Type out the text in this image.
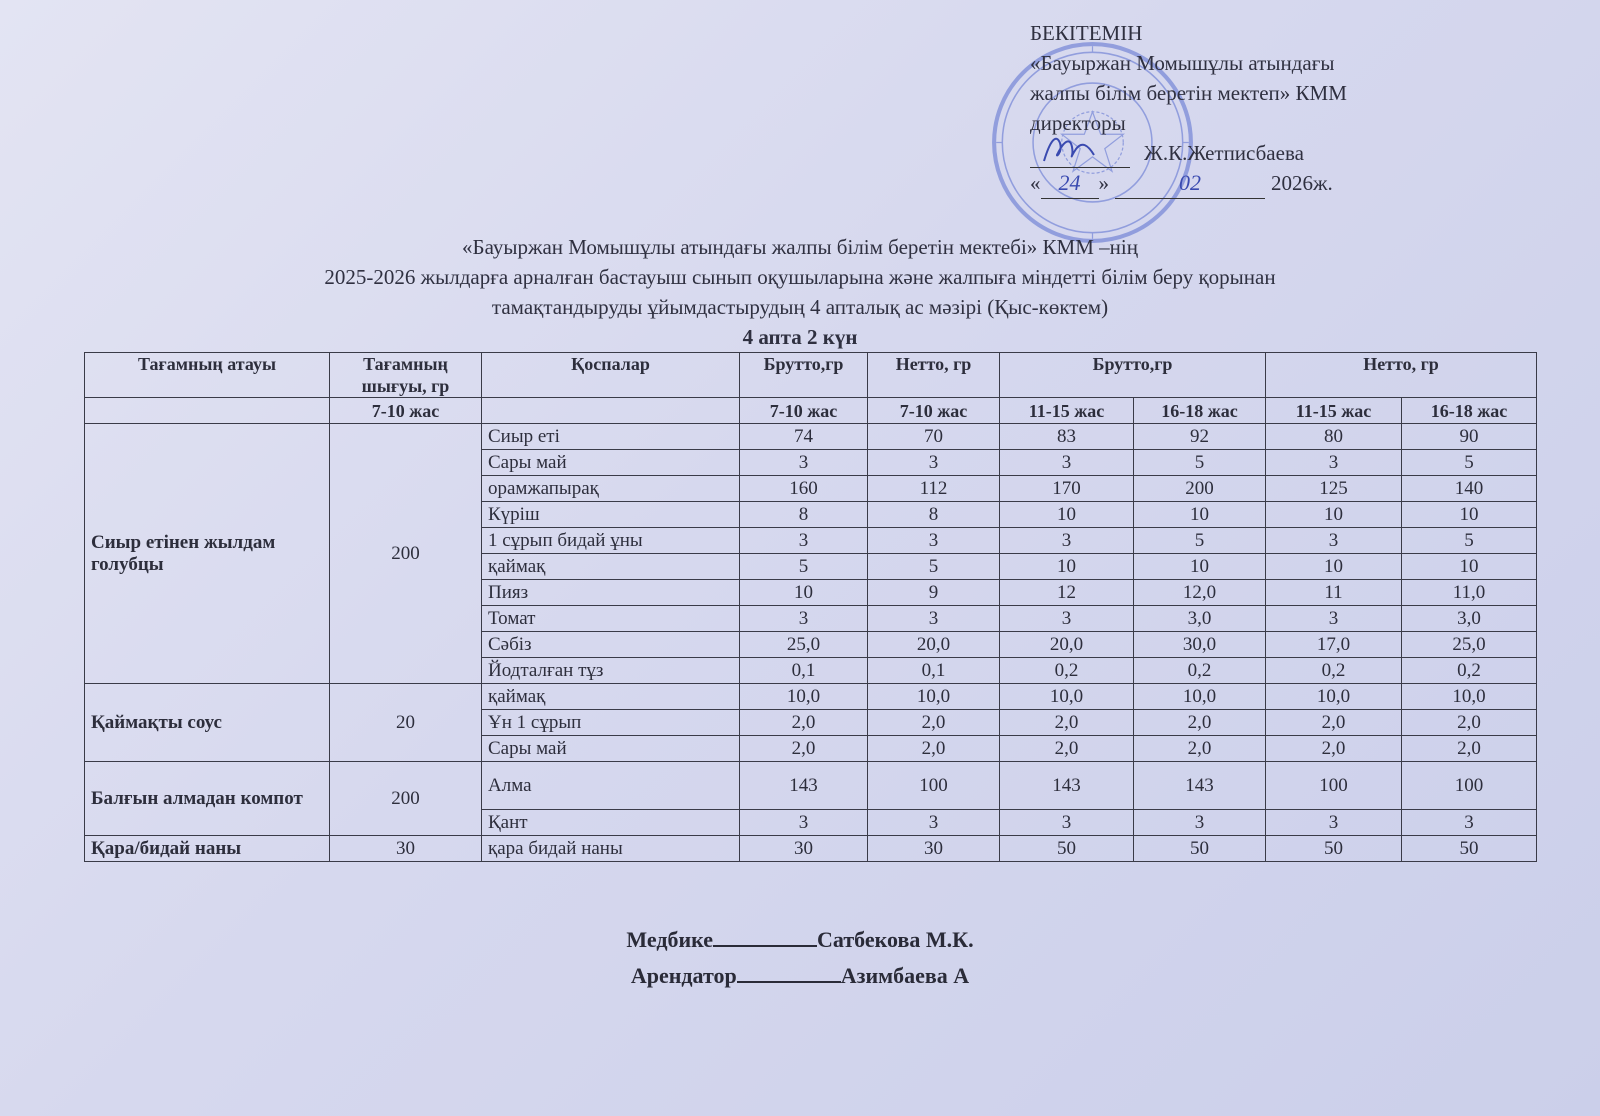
БЕКІТЕМІН
«Бауыржан Момышұлы атындағы
жалпы білім беретін мектеп» КММ
директоры
Ж.К.Жетписбаева
« 24 »	02	2026ж.
«Бауыржан Момышұлы атындағы жалпы білім беретін мектебі» КММ –нің
2025-2026 жылдарға арналған бастауыш сынып оқушыларына және жалпыға міндетті білім беру қорынан
тамақтандыруды ұйымдастырудың 4 апталық ас мәзірі (Қыс-көктем)
4 апта 2 күн
Тағамның атауы	Тағамның шығуы, гр	Қоспалар	Брутто,гр	Нетто, гр	Брутто,гр		Нетто, гр	
	7-10 жас		7-10 жас	7-10 жас	11-15 жас	16-18 жас	11-15 жас	16-18 жас
Сиыр етінен жылдам голубцы	200	Сиыр еті	74	70	83	92	80	90
		Сары май	3	3	3	5	3	5
		орамжапырақ	160	112	170	200	125	140
		Күріш	8	8	10	10	10	10
		1 сұрып бидай ұны	3	3	3	5	3	5
		қаймақ	5	5	10	10	10	10
		Пияз	10	9	12	12,0	11	11,0
		Томат	3	3	3	3,0	3	3,0
		Сәбіз	25,0	20,0	20,0	30,0	17,0	25,0
		Йодталған тұз	0,1	0,1	0,2	0,2	0,2	0,2
Қаймақты соус	20	қаймақ	10,0	10,0	10,0	10,0	10,0	10,0
		Ұн 1 сұрып	2,0	2,0	2,0	2,0	2,0	2,0
		Сары май	2,0	2,0	2,0	2,0	2,0	2,0
Балғын алмадан компот	200	Алма	143	100	143	143	100	100
		Қант	3	3	3	3	3	3
Қара/бидай наны	30	қара бидай наны	30	30	50	50	50	50
Медбике	Сатбекова М.К.
Арендатор	Азимбаева А
